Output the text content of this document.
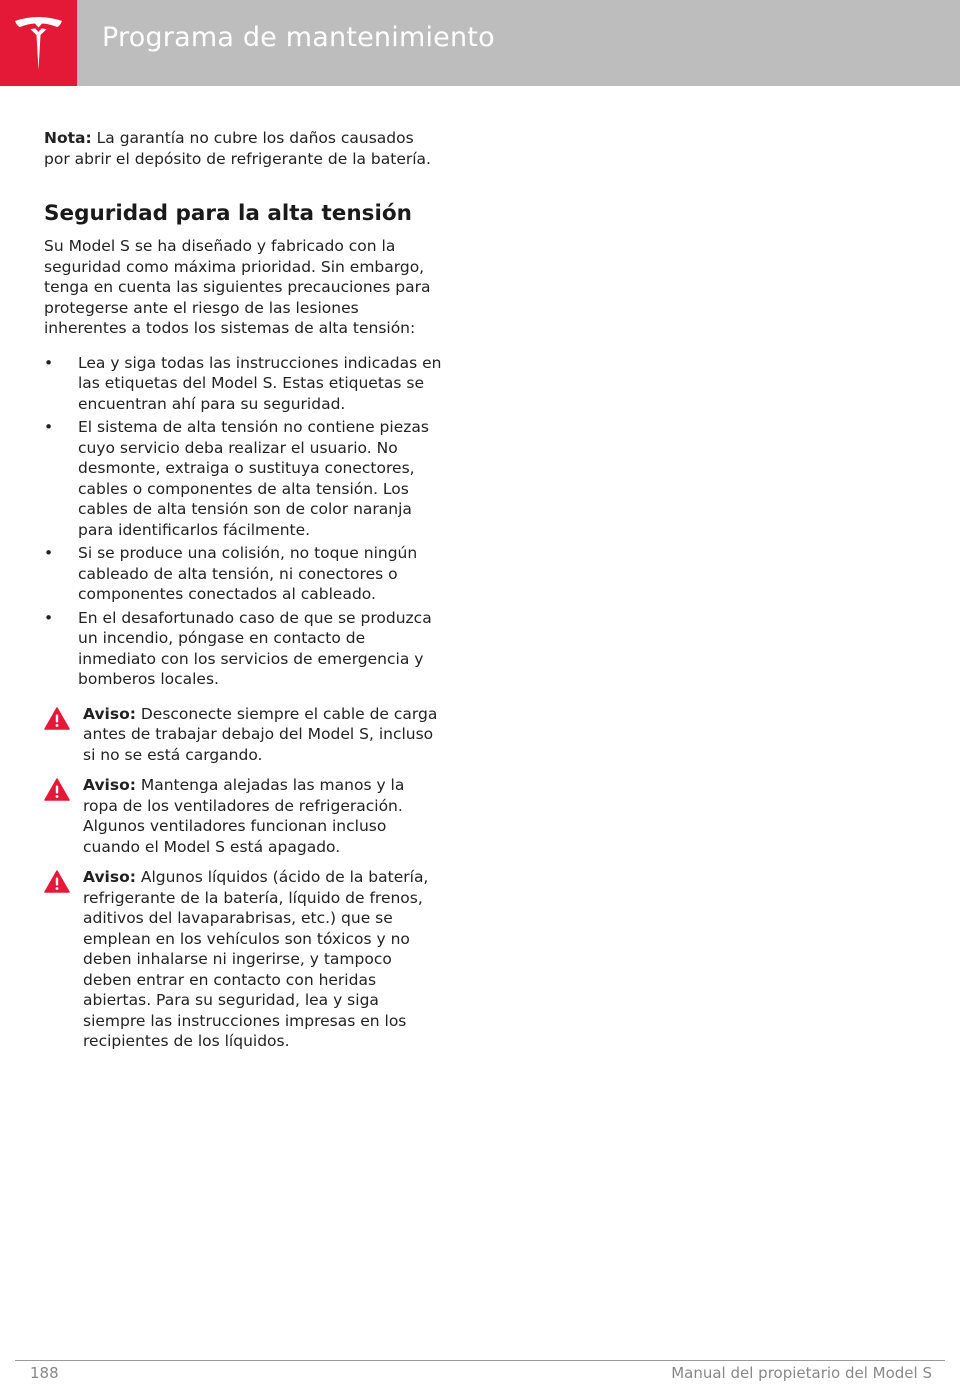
Programa de mantenimiento

Nota: La garantía no cubre los daños causados por abrir el depósito de refrigerante de la batería.

Seguridad para la alta tensión

Su Model S se ha diseñado y fabricado con la seguridad como máxima prioridad. Sin embargo, tenga en cuenta las siguientes precauciones para protegerse ante el riesgo de las lesiones inherentes a todos los sistemas de alta tensión:

• Lea y siga todas las instrucciones indicadas en las etiquetas del Model S. Estas etiquetas se encuentran ahí para su seguridad.
• El sistema de alta tensión no contiene piezas cuyo servicio deba realizar el usuario. No desmonte, extraiga o sustituya conectores, cables o componentes de alta tensión. Los cables de alta tensión son de color naranja para identificarlos fácilmente.
• Si se produce una colisión, no toque ningún cableado de alta tensión, ni conectores o componentes conectados al cableado.
• En el desafortunado caso de que se produzca un incendio, póngase en contacto de inmediato con los servicios de emergencia y bomberos locales.
Aviso: Desconecte siempre el cable de carga antes de trabajar debajo del Model S, incluso si no se está cargando.
Aviso: Mantenga alejadas las manos y la ropa de los ventiladores de refrigeración. Algunos ventiladores funcionan incluso cuando el Model S está apagado.
Aviso: Algunos líquidos (ácido de la batería, refrigerante de la batería, líquido de frenos, aditivos del lavaparabrisas, etc.) que se emplean en los vehículos son tóxicos y no deben inhalarse ni ingerirse, y tampoco deben entrar en contacto con heridas abiertas. Para su seguridad, lea y siga siempre las instrucciones impresas en los recipientes de los líquidos.
188	Manual del propietario del Model S
